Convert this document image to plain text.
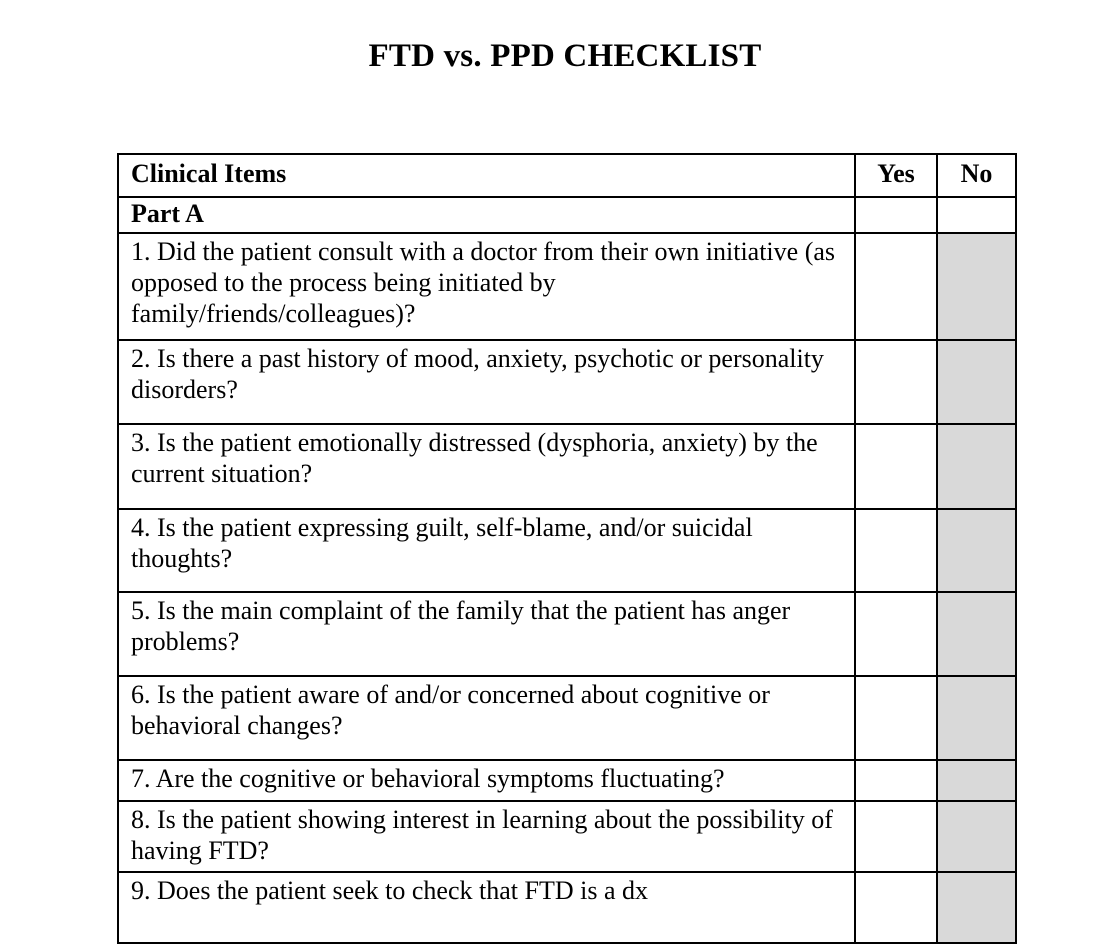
FTD vs. PPD CHECKLIST
Clinical Items	Yes	No
Part A		
1. Did the patient consult with a doctor from their own initiative (as opposed to the process being initiated by family/friends/colleagues)?		
2. Is there a past history of mood, anxiety, psychotic or personality disorders?		
3. Is the patient emotionally distressed (dysphoria, anxiety) by the current situation?		
4. Is the patient expressing guilt, self-blame, and/or suicidal thoughts?		
5. Is the main complaint of the family that the patient has anger problems?		
6. Is the patient aware of and/or concerned about cognitive or behavioral changes?		
7. Are the cognitive or behavioral symptoms fluctuating?		
8. Is the patient showing interest in learning about the possibility of having FTD?		
9. Does the patient seek to check that FTD is a dx		
